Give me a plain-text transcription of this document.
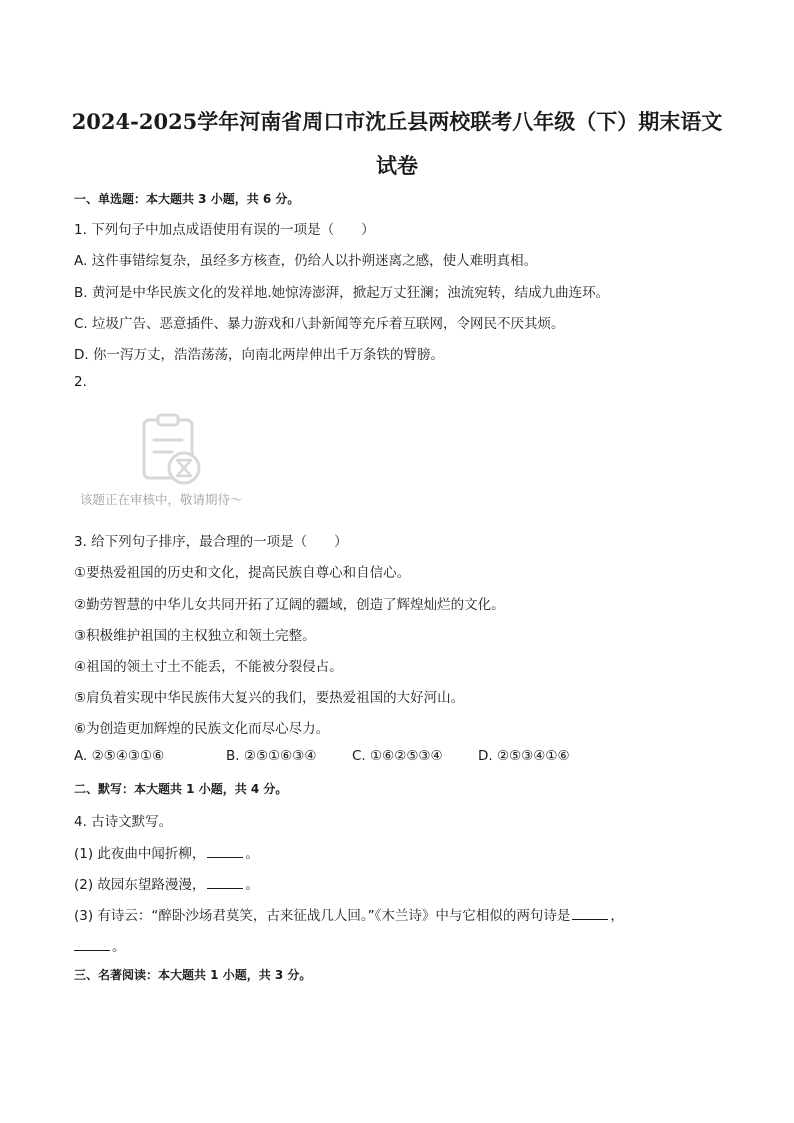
2024-2025学年河南省周口市沈丘县两校联考八年级（下）期末语文
试卷
一、单选题：本大题共 3 小题，共 6 分。
1. 下列句子中加点成语使用有误的一项是（　　）
A. 这件事错综复杂，虽经多方核查，仍给人以扑朔迷离之感，使人难明真相。
B. 黄河是中华民族文化的发祥地.她惊涛澎湃，掀起万丈狂澜；浊流宛转，结成九曲连环。
C. 垃圾广告、恶意插件、暴力游戏和八卦新闻等充斥着互联网，令网民不厌其烦。
D. 你一泻万丈，浩浩荡荡，向南北两岸伸出千万条铁的臂膀。
2.
该题正在审核中，敬请期待～
3. 给下列句子排序，最合理的一项是（　　）
①要热爱祖国的历史和文化，提高民族自尊心和自信心。
②勤劳智慧的中华儿女共同开拓了辽阔的疆域，创造了辉煌灿烂的文化。
③积极维护祖国的主权独立和领土完整。
④祖国的领土寸土不能丢，不能被分裂侵占。
⑤肩负着实现中华民族伟大复兴的我们，要热爱祖国的大好河山。
⑥为创造更加辉煌的民族文化而尽心尽力。
A. ②⑤④③①⑥	B. ②⑤①⑥③④	C. ①⑥②⑤③④	D. ②⑤③④①⑥
二、默写：本大题共 1 小题，共 4 分。
4. 古诗文默写。
(1) 此夜曲中闻折柳，	。
(2) 故园东望路漫漫，	。
(3) 有诗云：“醉卧沙场君莫笑，古来征战几人回。”《木兰诗》中与它相似的两句诗是	，
。
三、名著阅读：本大题共 1 小题，共 3 分。
